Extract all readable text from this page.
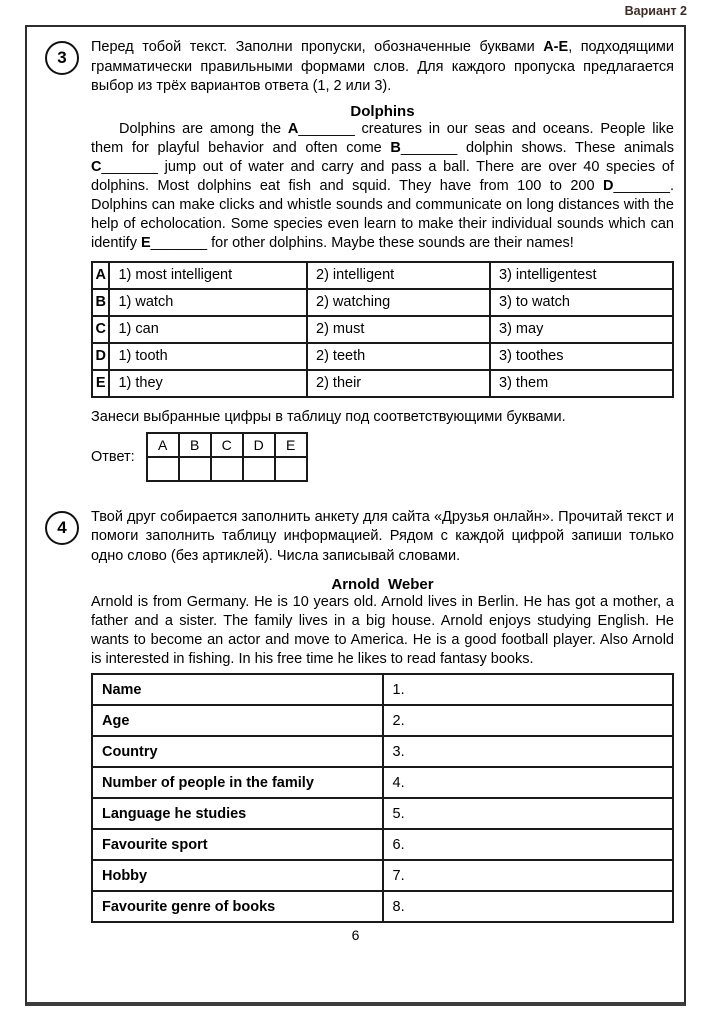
Вариант 2
3
Перед тобой текст. Заполни пропуски, обозначенные буквами А-Е, подходящими грамматически правильными формами слов. Для каждого пропуска предлагается выбор из трёх вариантов ответа (1, 2 или 3).
Dolphins
Dolphins are among the A_______ creatures in our seas and oceans. People like them for playful behavior and often come B_______ dolphin shows. These animals C_______ jump out of water and carry and pass a ball. There are over 40 species of dolphins. Most dolphins eat fish and squid. They have from 100 to 200 D_______. Dolphins can make clicks and whistle sounds and communicate on long distances with the help of echolocation. Some species even learn to make their individual sounds which can identify E_______ for other dolphins. Maybe these sounds are their names!
A	1) most intelligent	2) intelligent	3) intelligentest
B	1) watch	2) watching	3) to watch
C	1) can	2) must	3) may
D	1) tooth	2) teeth	3) toothes
E	1) they	2) their	3) them
Занеси выбранные цифры в таблицу под соответствующими буквами.
Ответ:
A	B	C	D	E

4
Твой друг собирается заполнить анкету для сайта «Друзья онлайн». Прочитай текст и помоги заполнить таблицу информацией. Рядом с каждой цифрой запиши только одно слово (без артиклей). Числа записывай словами.
Arnold  Weber
Arnold is from Germany. He is 10 years old. Arnold lives in Berlin. He has got a mother, a father and a sister. The family lives in a big house. Arnold enjoys studying English. He wants to become an actor and move to America. He is a good football player. Also Arnold is interested in fishing. In his free time he likes to read fantasy books.
Name	1.
Age	2.
Country	3.
Number of people in the family	4.
Language he studies	5.
Favourite sport	6.
Hobby	7.
Favourite genre of books	8.
6
